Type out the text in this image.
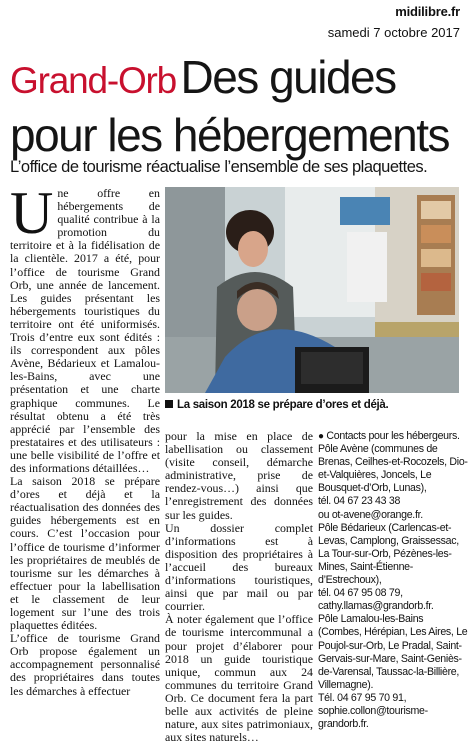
midilibre.fr
samedi 7 octobre 2017
Grand-Orb Des guides
pour les hébergements
L’office de tourisme réactualise l’ensemble de ses plaquettes.
U ne offre en hébergements de qualité contribue à la promotion du territoire et à la fidélisation de la clientèle. 2017 a été, pour l’office de tourisme Grand Orb, une année de lancement. Les guides présentant les hébergements touristiques du territoire ont été uniformisés. Trois d’entre eux sont édités : ils correspondent aux pôles Avène, Bédarieux et Lamalou-les-Bains, avec une présentation et une charte graphique communes. Le résultat obtenu a été très apprécié par l’ensemble des prestataires et des utilisateurs : une belle visibilité de l’offre et des informations détaillées…

La saison 2018 se prépare d’ores et déjà et la réactualisation des données des guides hébergements est en cours. C’est l’occasion pour l’office de tourisme d’informer les propriétaires de meublés de tourisme sur les démarches à effectuer pour la labellisation et le classement de leur logement sur l’une des trois plaquettes éditées.

L’office de tourisme Grand Orb propose également un accompagnement personnalisé des propriétaires dans toutes les démarches à effectuer

La saison 2018 se prépare d’ores et déjà.

pour la mise en place de labellisation ou classement (visite conseil, démarche administrative, prise de rendez-vous…) ainsi que l’enregistrement des données sur les guides.

Un dossier complet d’informations est à disposition des propriétaires à l’accueil des bureaux d’informations touristiques, ainsi que par mail ou par courrier.

À noter également que l’office de tourisme intercommunal a pour projet d’élaborer pour 2018 un guide touristique unique, commun aux 24 communes du territoire Grand Orb. Ce document fera la part belle aux activités de pleine nature, aux sites patrimoniaux, aux sites naturels…

● Contacts pour les hébergeurs.

Pôle Avène (communes de Brenas, Ceilhes-et-Rocozels, Dio-et-Valquières, Joncels, Le Bousquet-d’Orb, Lunas),

tél. 04 67 23 43 38

ou ot-avene@orange.fr.

Pôle Bédarieux (Carlencas-et-Levas, Camplong, Graissessac, La Tour-sur-Orb, Pézènes-les-Mines, Saint-Étienne-d’Estrechoux),

tél. 04 67 95 08 79,

cathy.llamas@grandorb.fr.

Pôle Lamalou-les-Bains (Combes, Hérépian, Les Aires, Le Poujol-sur-Orb, Le Pradal, Saint-Gervais-sur-Mare, Saint-Geniès-de-Varensal, Taussac-la-Billière, Villemagne).

Tél. 04 67 95 70 91,

sophie.collon@tourisme-grandorb.fr.
